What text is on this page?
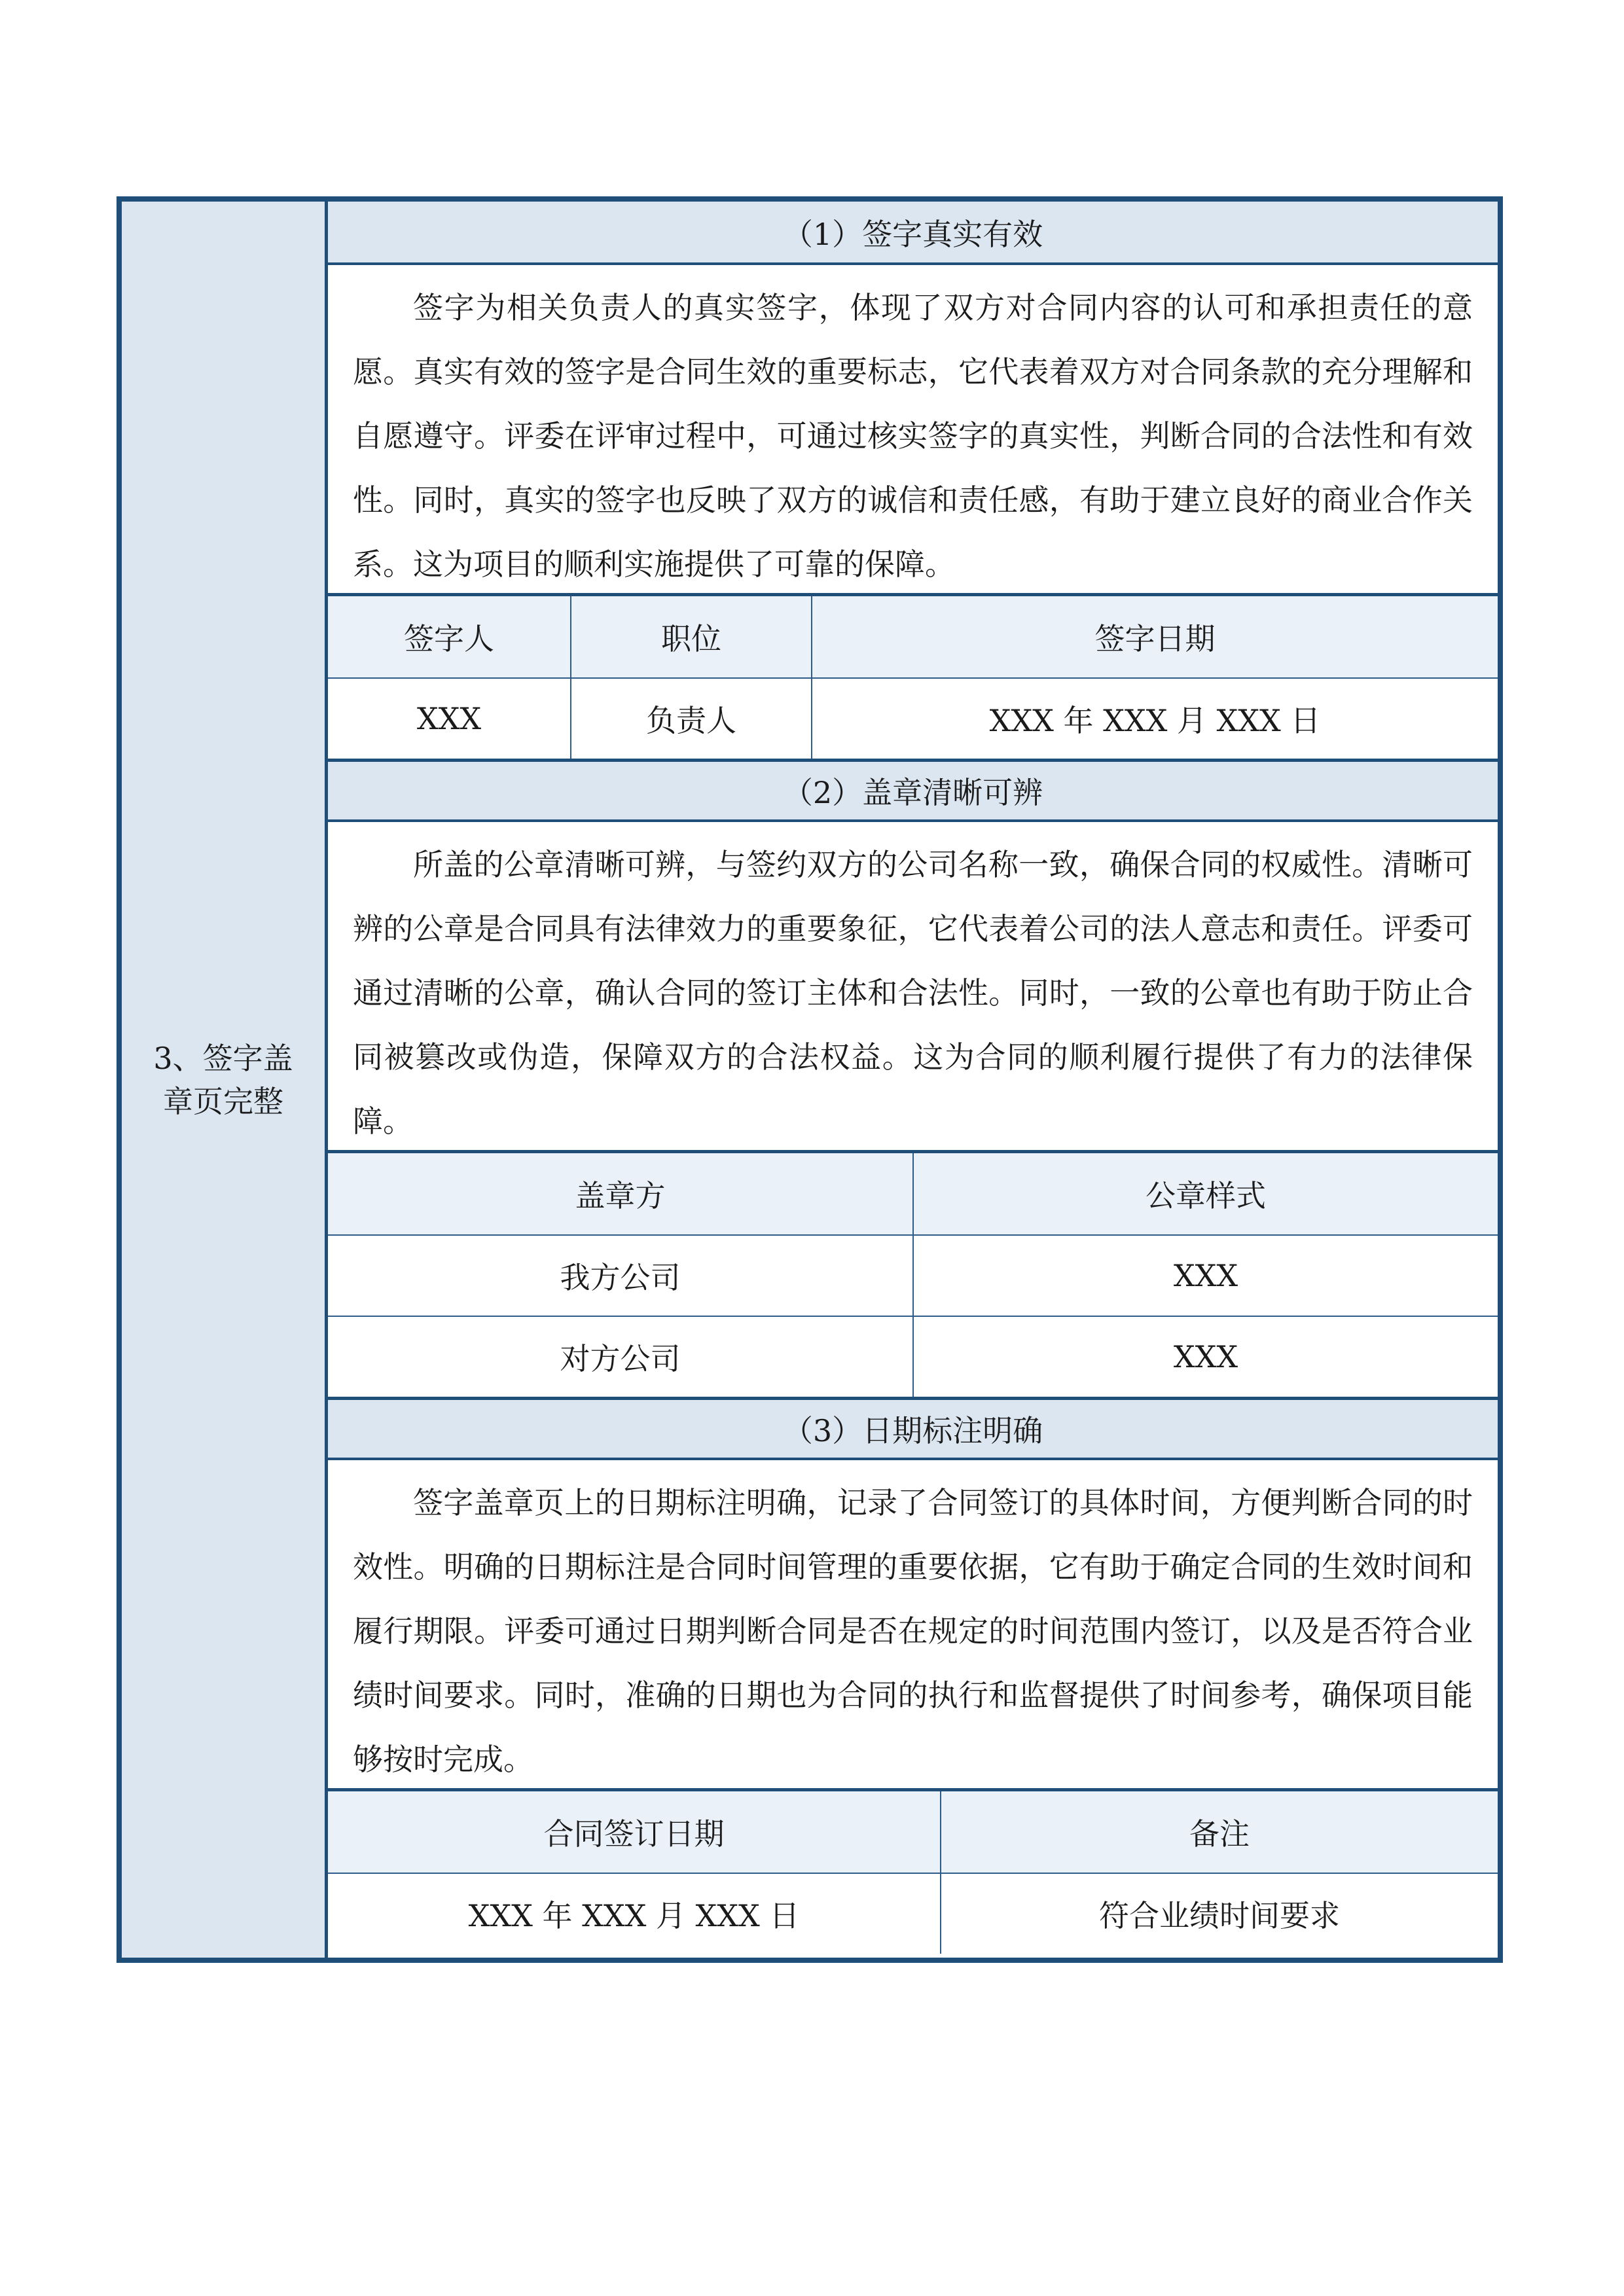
3、签字盖章页完整
（1）签字真实有效
签字为相关负责人的真实签字，体现了双方对合同内容的认可和承担责任的意愿。真实有效的签字是合同生效的重要标志，它代表着双方对合同条款的充分理解和自愿遵守。评委在评审过程中，可通过核实签字的真实性，判断合同的合法性和有效性。同时，真实的签字也反映了双方的诚信和责任感，有助于建立良好的商业合作关系。这为项目的顺利实施提供了可靠的保障。
签字人	职位	签字日期
XXX	负责人	XXX 年 XXX 月 XXX 日
（2）盖章清晰可辨
所盖的公章清晰可辨，与签约双方的公司名称一致，确保合同的权威性。清晰可辨的公章是合同具有法律效力的重要象征，它代表着公司的法人意志和责任。评委可通过清晰的公章，确认合同的签订主体和合法性。同时，一致的公章也有助于防止合同被篡改或伪造，保障双方的合法权益。这为合同的顺利履行提供了有力的法律保障。
盖章方	公章样式
我方公司	XXX
对方公司	XXX
（3）日期标注明确
签字盖章页上的日期标注明确，记录了合同签订的具体时间，方便判断合同的时效性。明确的日期标注是合同时间管理的重要依据，它有助于确定合同的生效时间和履行期限。评委可通过日期判断合同是否在规定的时间范围内签订，以及是否符合业绩时间要求。同时，准确的日期也为合同的执行和监督提供了时间参考，确保项目能够按时完成。
合同签订日期	备注
XXX 年 XXX 月 XXX 日	符合业绩时间要求
